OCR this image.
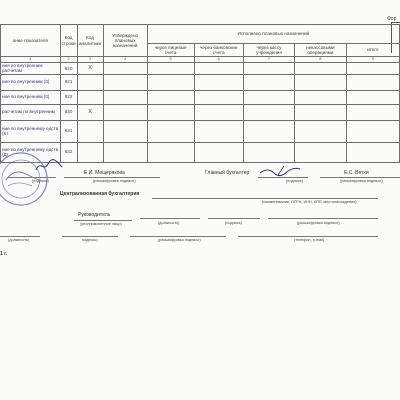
Фор
ание показателя	Код строки	Код аналитики	Утверждено плановых назначений	Исполнено плановых назначений				
				через лицевые счета	через банковские счета	через кассу учреждения	некассовыми операциями	итого
1	2	3	4	5	6	7	8	9
ния по внутренним расчетам	820	X						
ние по внутренним (0)	821							
ние по внутренним (0)	822							
расчетам по внутренним	830	X						
ние по внутреннему едств (Кт	831							
ние по внутреннему едств (Дт	832							
Е.И. Мещерякова
(подпись)	(расшифровка подписи)
Главный бухгалтер
(подпись)
Е.С. Ветхи
(расшифровка подписи)
Централизованная бухгалтерия
(наименование, ОГРН, ИНН, КПП, местонахождение)
Руководитель
(уполномоченное лицо)	(должность)	(подпись)	(расшифровка подписи)
(должность)	подпись)	(расшифровка подписи)	(телефон, e-mail)
1 г.
